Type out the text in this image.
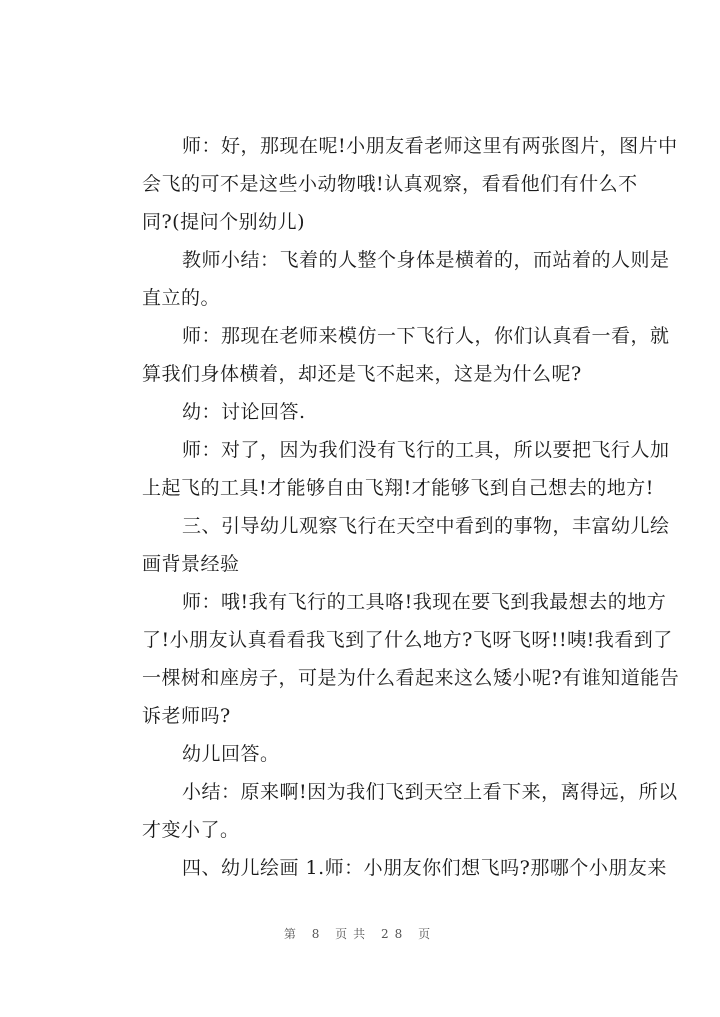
师：好，那现在呢!小朋友看老师这里有两张图片，图片中
会飞的可不是这些小动物哦!认真观察，看看他们有什么不
同?(提问个别幼儿)
教师小结：飞着的人整个身体是横着的，而站着的人则是
直立的。
师：那现在老师来模仿一下飞行人，你们认真看一看，就
算我们身体横着，却还是飞不起来，这是为什么呢?
幼：讨论回答.
师：对了，因为我们没有飞行的工具，所以要把飞行人加
上起飞的工具!才能够自由飞翔!才能够飞到自己想去的地方!
三、引导幼儿观察飞行在天空中看到的事物，丰富幼儿绘
画背景经验
师：哦!我有飞行的工具咯!我现在要飞到我最想去的地方
了!小朋友认真看看我飞到了什么地方?飞呀飞呀!!咦!我看到了
一棵树和座房子，可是为什么看起来这么矮小呢?有谁知道能告
诉老师吗?
幼儿回答。
小结：原来啊!因为我们飞到天空上看下来，离得远，所以
才变小了。
四、幼儿绘画 1.师：小朋友你们想飞吗?那哪个小朋友来
第 8 页共 28 页
